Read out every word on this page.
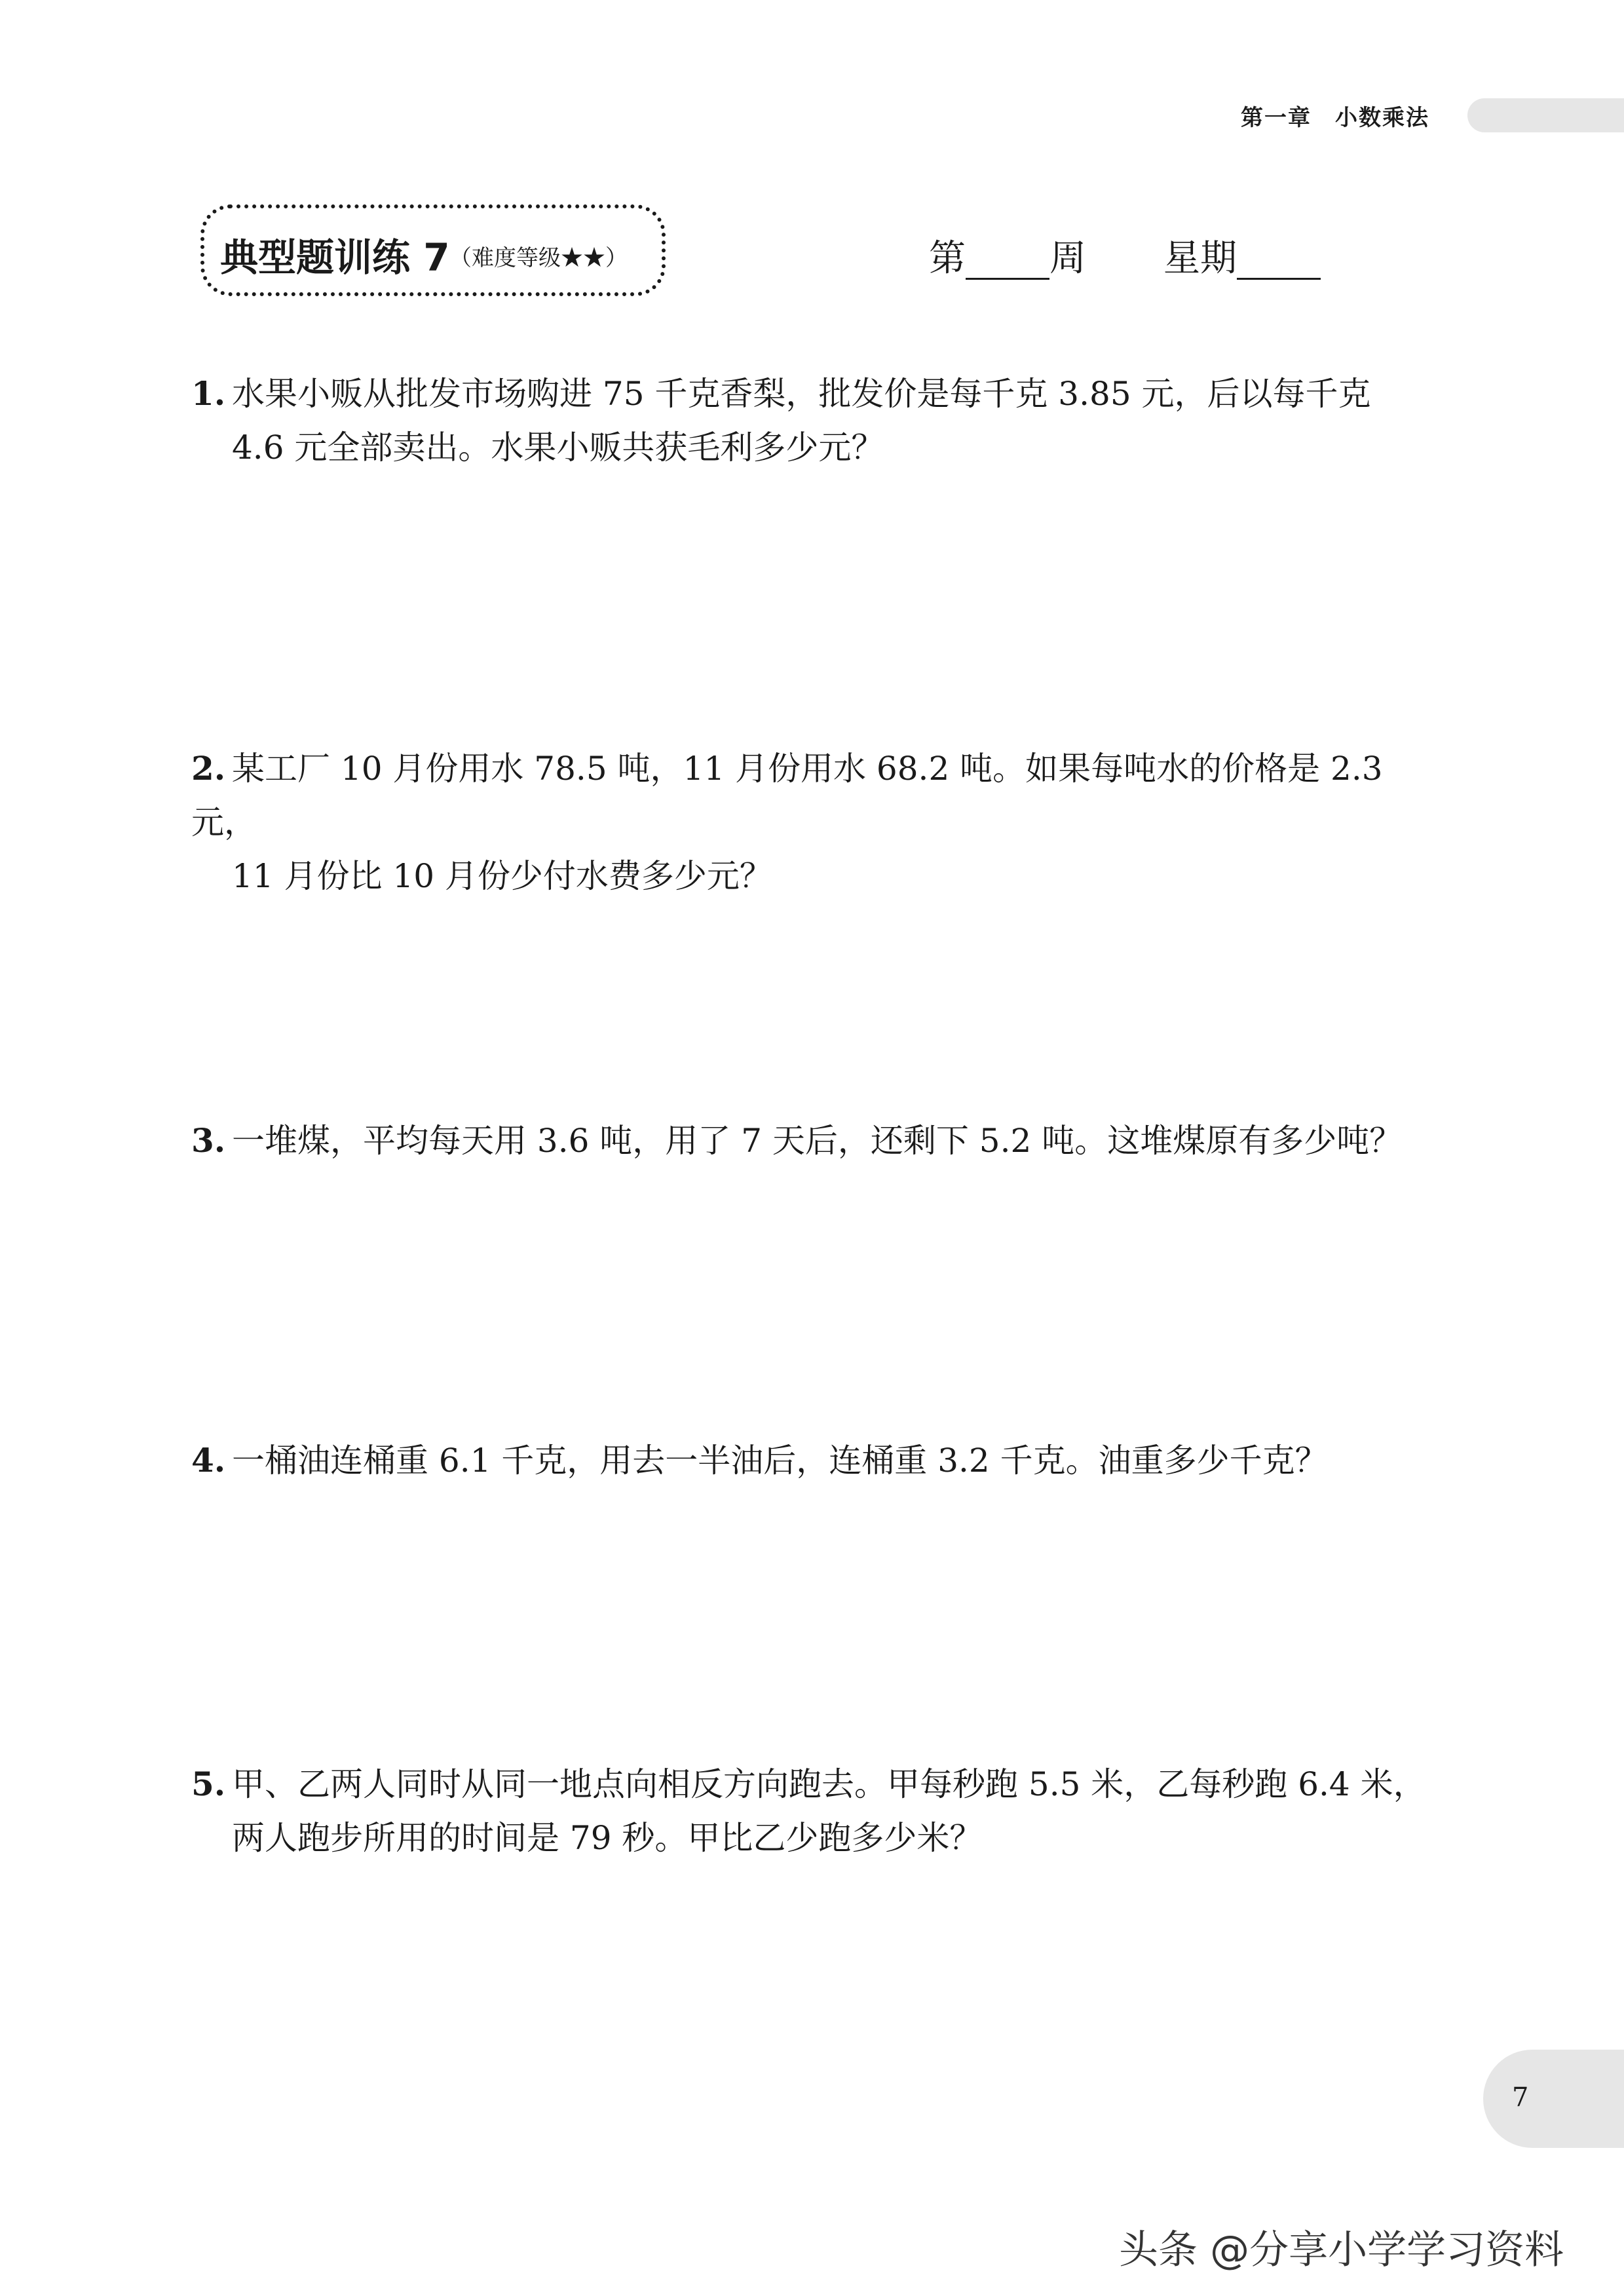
第一章　小数乘法
典型题训练 7 （难度等级★★）	第 周 星期
1. 水果小贩从批发市场购进 75 千克香梨，批发价是每千克 3.85 元，后以每千克
4.6 元全部卖出。水果小贩共获毛利多少元？
2. 某工厂 10 月份用水 78.5 吨，11 月份用水 68.2 吨。如果每吨水的价格是 2.3 元，
11 月份比 10 月份少付水费多少元？
3. 一堆煤，平均每天用 3.6 吨，用了 7 天后，还剩下 5.2 吨。这堆煤原有多少吨？
4. 一桶油连桶重 6.1 千克，用去一半油后，连桶重 3.2 千克。油重多少千克？
5. 甲、乙两人同时从同一地点向相反方向跑去。甲每秒跑 5.5 米，乙每秒跑 6.4 米，
两人跑步所用的时间是 79 秒。甲比乙少跑多少米？
7
头条 @分享小学学习资料
